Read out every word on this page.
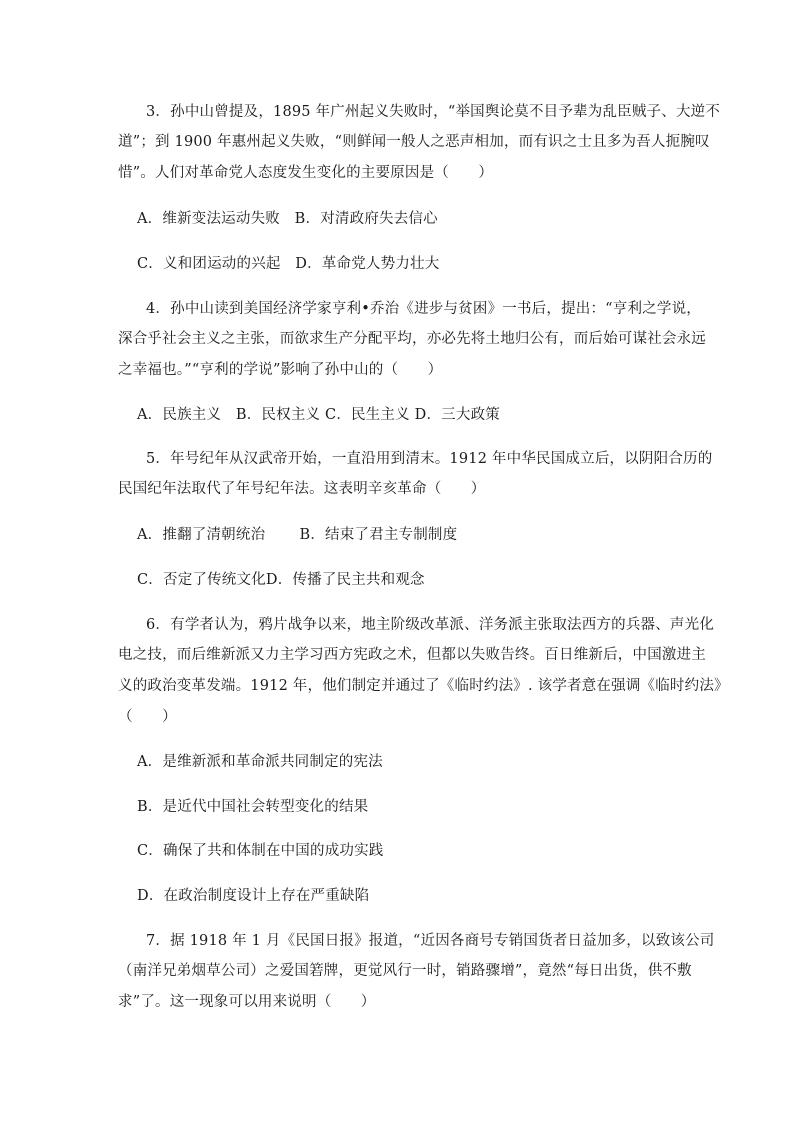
3．孙中山曾提及，1895 年广州起义失败时，“举国舆论莫不目予辈为乱臣贼子、大逆不
道”；到 1900 年惠州起义失败，“则鲜闻一般人之恶声相加，而有识之士且多为吾人扼腕叹
惜”。人们对革命党人态度发生变化的主要原因是（　　）
A．维新变法运动失败　B．对清政府失去信心
C．义和团运动的兴起　D．革命党人势力壮大
4．孙中山读到美国经济学家亨利•乔治《进步与贫困》一书后，提出：“亨利之学说，
深合乎社会主义之主张，而欲求生产分配平均，亦必先将土地归公有，而后始可谋社会永远
之幸福也。”“亨利的学说”影响了孙中山的（　　）
A．民族主义　B．民权主义 C．民生主义 D．三大政策
5．年号纪年从汉武帝开始，一直沿用到清末。1912 年中华民国成立后，以阴阳合历的
民国纪年法取代了年号纪年法。这表明辛亥革命（　　）
A．推翻了清朝统治　　 B．结束了君主专制制度
C．否定了传统文化D．传播了民主共和观念
6．有学者认为，鸦片战争以来，地主阶级改革派、洋务派主张取法西方的兵器、声光化
电之技，而后维新派又力主学习西方宪政之术，但都以失败告终。百日维新后，中国激进主
义的政治变革发端。1912 年，他们制定并通过了《临时约法》. 该学者意在强调《临时约法》
（　　）
A．是维新派和革命派共同制定的宪法
B．是近代中国社会转型变化的结果
C．确保了共和体制在中国的成功实践
D．在政治制度设计上存在严重缺陷
7．据 1918 年 1 月《民国日报》报道，“近因各商号专销国货者日益加多，以致该公司
（南洋兄弟烟草公司）之爱国箬牌，更觉风行一时，销路骤增”，竟然“每日出货，供不敷
求”了。这一现象可以用来说明（　　）
